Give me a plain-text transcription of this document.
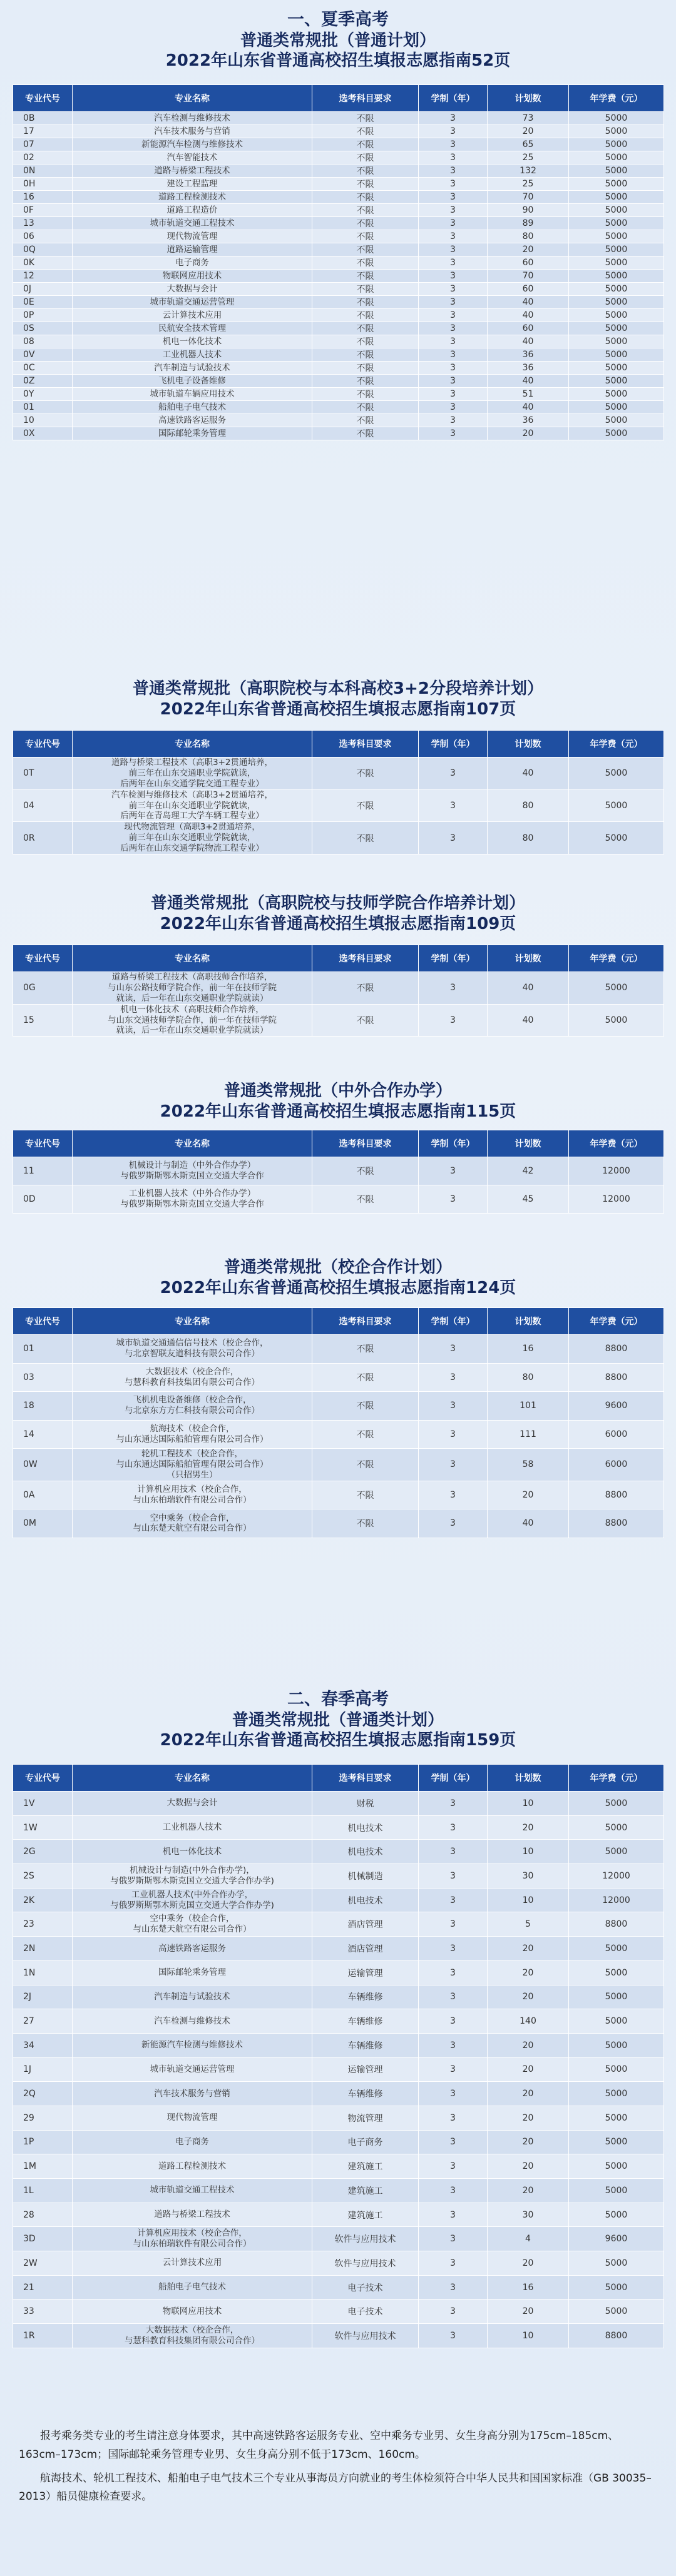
一、夏季高考
普通类常规批（普通计划）
2022年山东省普通高校招生填报志愿指南52页
专业代号	专业名称	选考科目要求	学制（年）	计划数	年学费（元）
0B	汽车检测与维修技术	不限	3	73	5000
17	汽车技术服务与营销	不限	3	20	5000
07	新能源汽车检测与维修技术	不限	3	65	5000
02	汽车智能技术	不限	3	25	5000
0N	道路与桥梁工程技术	不限	3	132	5000
0H	建设工程监理	不限	3	25	5000
16	道路工程检测技术	不限	3	70	5000
0F	道路工程造价	不限	3	90	5000
13	城市轨道交通工程技术	不限	3	89	5000
06	现代物流管理	不限	3	80	5000
0Q	道路运输管理	不限	3	20	5000
0K	电子商务	不限	3	60	5000
12	物联网应用技术	不限	3	70	5000
0J	大数据与会计	不限	3	60	5000
0E	城市轨道交通运营管理	不限	3	40	5000
0P	云计算技术应用	不限	3	40	5000
0S	民航安全技术管理	不限	3	60	5000
08	机电一体化技术	不限	3	40	5000
0V	工业机器人技术	不限	3	36	5000
0C	汽车制造与试验技术	不限	3	36	5000
0Z	飞机电子设备维修	不限	3	40	5000
0Y	城市轨道车辆应用技术	不限	3	51	5000
01	船舶电子电气技术	不限	3	40	5000
10	高速铁路客运服务	不限	3	36	5000
0X	国际邮轮乘务管理	不限	3	20	5000
普通类常规批（高职院校与本科高校3+2分段培养计划）
2022年山东省普通高校招生填报志愿指南107页
专业代号	专业名称	选考科目要求	学制（年）	计划数	年学费（元）
0T	道路与桥梁工程技术（高职3+2贯通培养，
前三年在山东交通职业学院就读，
后两年在山东交通学院交通工程专业）	不限	3	40	5000
04	汽车检测与维修技术（高职3+2贯通培养，
前三年在山东交通职业学院就读，
后两年在青岛理工大学车辆工程专业）	不限	3	80	5000
0R	现代物流管理（高职3+2贯通培养，
前三年在山东交通职业学院就读，
后两年在山东交通学院物流工程专业）	不限	3	80	5000
普通类常规批（高职院校与技师学院合作培养计划）
2022年山东省普通高校招生填报志愿指南109页
专业代号	专业名称	选考科目要求	学制（年）	计划数	年学费（元）
0G	道路与桥梁工程技术（高职技师合作培养，
与山东公路技师学院合作，前一年在技师学院
就读，后一年在山东交通职业学院就读）	不限	3	40	5000
15	机电一体化技术（高职技师合作培养，
与山东交通技师学院合作，前一年在技师学院
就读，后一年在山东交通职业学院就读）	不限	3	40	5000
普通类常规批（中外合作办学）
2022年山东省普通高校招生填报志愿指南115页
专业代号	专业名称	选考科目要求	学制（年）	计划数	年学费（元）
11	机械设计与制造（中外合作办学）
与俄罗斯斯鄂木斯克国立交通大学合作	不限	3	42	12000
0D	工业机器人技术（中外合作办学）
与俄罗斯斯鄂木斯克国立交通大学合作	不限	3	45	12000
普通类常规批（校企合作计划）
2022年山东省普通高校招生填报志愿指南124页
专业代号	专业名称	选考科目要求	学制（年）	计划数	年学费（元）
01	城市轨道交通通信信号技术（校企合作，
与北京智联友道科技有限公司合作）	不限	3	16	8800
03	大数据技术（校企合作，
与慧科教育科技集团有限公司合作）	不限	3	80	8800
18	飞机机电设备维修（校企合作，
与北京东方方仁科技有限公司合作）	不限	3	101	9600
14	航海技术（校企合作，
与山东通达国际船舶管理有限公司合作）	不限	3	111	6000
0W	轮机工程技术（校企合作，
与山东通达国际船舶管理有限公司合作）
（只招男生）	不限	3	58	6000
0A	计算机应用技术（校企合作，
与山东柏瑞软件有限公司合作）	不限	3	20	8800
0M	空中乘务（校企合作，
与山东楚天航空有限公司合作）	不限	3	40	8800
二、春季高考
普通类常规批（普通类计划）
2022年山东省普通高校招生填报志愿指南159页
专业代号	专业名称	选考科目要求	学制（年）	计划数	年学费（元）
1V	大数据与会计	财税	3	10	5000
1W	工业机器人技术	机电技术	3	20	5000
2G	机电一体化技术	机电技术	3	10	5000
2S	机械设计与制造(中外合作办学)，
与俄罗斯斯鄂木斯克国立交通大学合作办学)	机械制造	3	30	12000
2K	工业机器人技术(中外合作办学，
与俄罗斯斯鄂木斯克国立交通大学合作办学)	机电技术	3	10	12000
23	空中乘务（校企合作，
与山东楚天航空有限公司合作）	酒店管理	3	5	8800
2N	高速铁路客运服务	酒店管理	3	20	5000
1N	国际邮轮乘务管理	运输管理	3	20	5000
2J	汽车制造与试验技术	车辆维修	3	20	5000
27	汽车检测与维修技术	车辆维修	3	140	5000
34	新能源汽车检测与维修技术	车辆维修	3	20	5000
1J	城市轨道交通运营管理	运输管理	3	20	5000
2Q	汽车技术服务与营销	车辆维修	3	20	5000
29	现代物流管理	物流管理	3	20	5000
1P	电子商务	电子商务	3	20	5000
1M	道路工程检测技术	建筑施工	3	20	5000
1L	城市轨道交通工程技术	建筑施工	3	20	5000
28	道路与桥梁工程技术	建筑施工	3	30	5000
3D	计算机应用技术（校企合作，
与山东柏瑞软件有限公司合作）	软件与应用技术	3	4	9600
2W	云计算技术应用	软件与应用技术	3	20	5000
21	船舶电子电气技术	电子技术	3	16	5000
33	物联网应用技术	电子技术	3	20	5000
1R	大数据技术（校企合作，
与慧科教育科技集团有限公司合作）	软件与应用技术	3	10	8800

报考乘务类专业的考生请注意身体要求，其中高速铁路客运服务专业、空中乘务专业男、女生身高分别为175cm–185cm、163cm–173cm；国际邮轮乘务管理专业男、女生身高分别不低于173cm、160cm。

航海技术、轮机工程技术、船舶电子电气技术三个专业从事海员方向就业的考生体检须符合中华人民共和国国家标准（GB 30035–2013）船员健康检查要求。
